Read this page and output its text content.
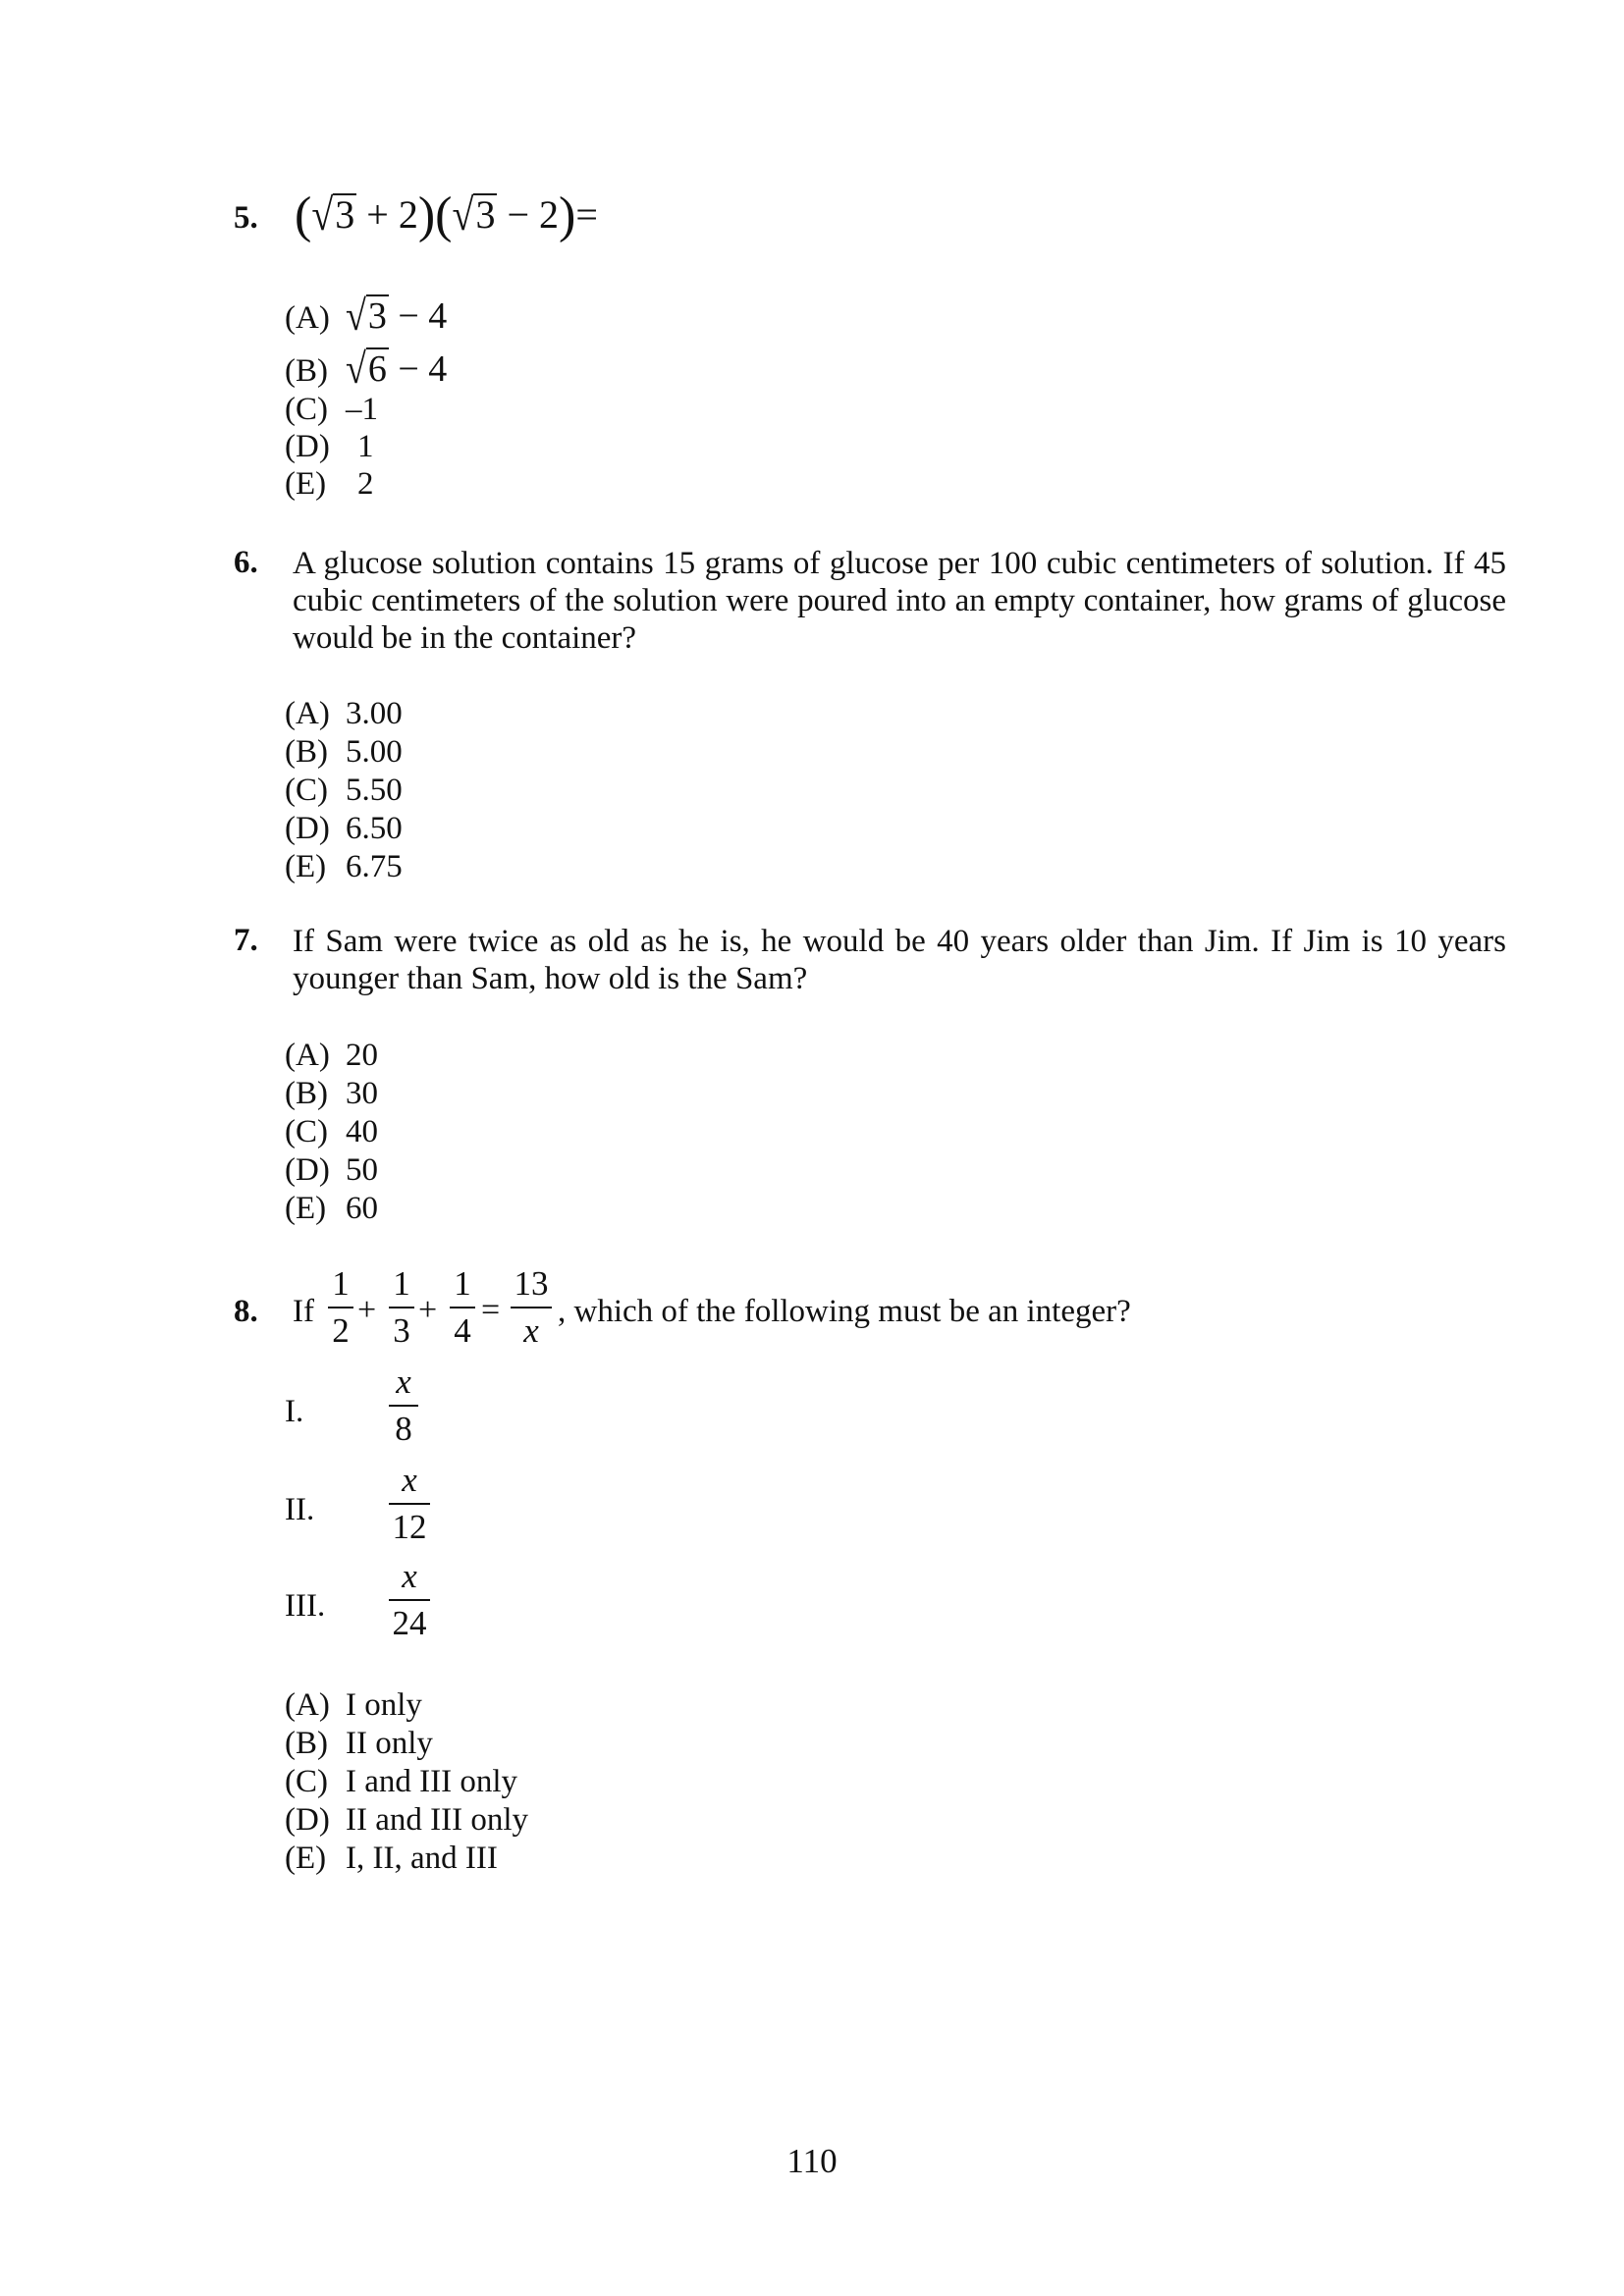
5. (√3 + 2)(√3 − 2)=
(A) √3 − 4
(B) √6 − 4
(C) –1
(D) 1
(E) 2
6. A glucose solution contains 15 grams of glucose per 100 cubic centimeters of solution. If 45 cubic centimeters of the solution were poured into an empty container, how grams of glucose would be in the container?
(A) 3.00
(B) 5.00
(C) 5.50
(D) 6.50
(E) 6.75
7. If Sam were twice as old as he is, he would be 40 years older than Jim. If Jim is 10 years younger than Sam, how old is the Sam?
(A) 20
(B) 30
(C) 40
(D) 50
(E) 60
8. If
1
2
+
1
3
+
1
4
=
13
x , which of the following must be an integer?
I.
x
8
II.
x
12
III.
x
24
(A) I only
(B) II only
(C) I and III only
(D) II and III only
(E) I, II, and III
110
